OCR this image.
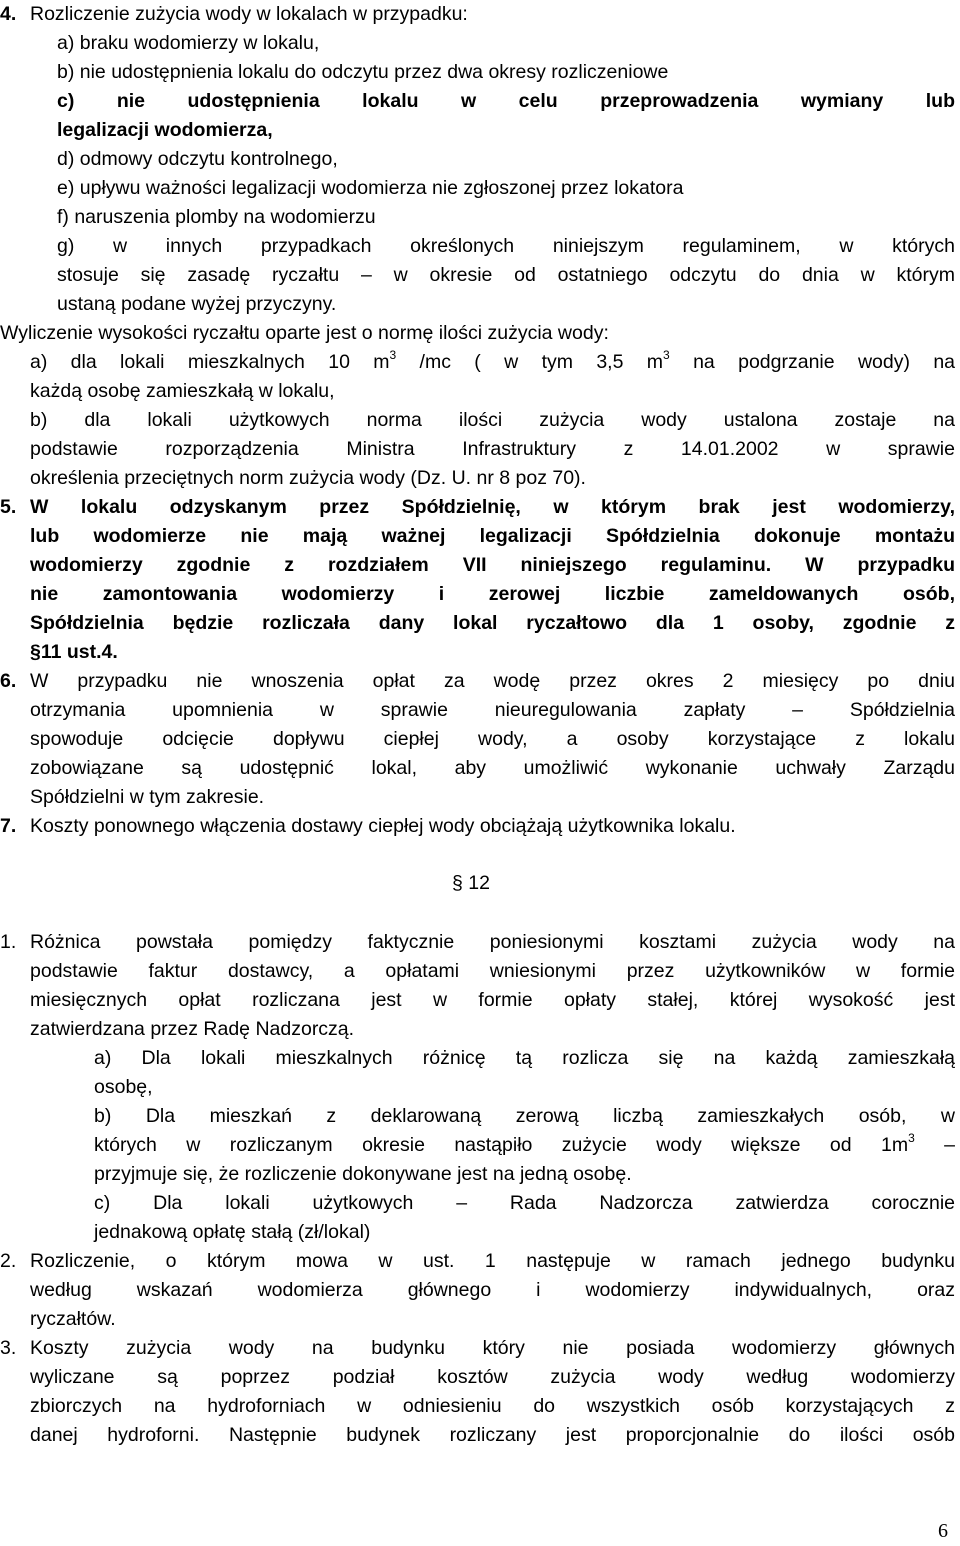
4. Rozliczenie zużycia wody w lokalach w przypadku:
a) braku wodomierzy w lokalu,
b) nie udostępnienia lokalu do odczytu przez dwa okresy rozliczeniowe
c) nie udostępnienia lokalu w celu przeprowadzenia wymiany lub
legalizacji wodomierza,
d) odmowy odczytu kontrolnego,
e) upływu ważności legalizacji wodomierza nie zgłoszonej przez lokatora
f) naruszenia plomby na wodomierzu
g) w innych przypadkach określonych niniejszym regulaminem, w których
stosuje się zasadę ryczałtu – w okresie od ostatniego odczytu do dnia w którym
ustaną podane wyżej przyczyny.
Wyliczenie wysokości ryczałtu oparte jest o normę ilości zużycia wody:
a) dla lokali mieszkalnych 10 $m^3$ /mc ( w tym 3,5 $m^3$ na podgrzanie wody) na
każdą osobę zamieszkałą w lokalu,
b) dla lokali użytkowych norma ilości zużycia wody ustalona zostaje na
podstawie rozporządzenia Ministra Infrastruktury z 14.01.2002 w sprawie
określenia przeciętnych norm zużycia wody (Dz. U. nr 8 poz 70).
5. W lokalu odzyskanym przez Spółdzielnię, w którym brak jest wodomierzy,
lub wodomierze nie mają ważnej legalizacji Spółdzielnia dokonuje montażu
wodomierzy zgodnie z rozdziałem VII niniejszego regulaminu. W przypadku
nie zamontowania wodomierzy i zerowej liczbie zameldowanych osób,
Spółdzielnia będzie rozliczała dany lokal ryczałtowo dla 1 osoby, zgodnie z
§11 ust.4.
6. W przypadku nie wnoszenia opłat za wodę przez okres 2 miesięcy po dniu
otrzymania upomnienia w sprawie nieuregulowania zapłaty – Spółdzielnia
spowoduje odcięcie dopływu ciepłej wody, a osoby korzystające z lokalu
zobowiązane są udostępnić lokal, aby umożliwić wykonanie uchwały Zarządu
Spółdzielni w tym zakresie.
7. Koszty ponownego włączenia dostawy ciepłej wody obciążają użytkownika lokalu.
§ 12
1. Różnica powstała pomiędzy faktycznie poniesionymi kosztami zużycia wody na
podstawie faktur dostawcy, a opłatami wniesionymi przez użytkowników w formie
miesięcznych opłat rozliczana jest w formie opłaty stałej, której wysokość jest
zatwierdzana przez Radę Nadzorczą.
a) Dla lokali mieszkalnych różnicę tą rozlicza się na każdą zamieszkałą
osobę,
b) Dla mieszkań z deklarowaną zerową liczbą zamieszkałych osób, w
których w rozliczanym okresie nastąpiło zużycie wody większe od $1m^3$ –
przyjmuje się, że rozliczenie dokonywane jest na jedną osobę.
c) Dla lokali użytkowych – Rada Nadzorcza zatwierdza corocznie
jednakową opłatę stałą (zł/lokal)
2. Rozliczenie, o którym mowa w ust. 1 następuje w ramach jednego budynku
według wskazań wodomierza głównego i wodomierzy indywidualnych, oraz
ryczałtów.
3. Koszty zużycia wody na budynku który nie posiada wodomierzy głównych
wyliczane są poprzez podział kosztów zużycia wody według wodomierzy
zbiorczych na hydroforniach w odniesieniu do wszystkich osób korzystających z
danej hydroforni. Następnie budynek rozliczany jest proporcjonalnie do ilości osób
6
